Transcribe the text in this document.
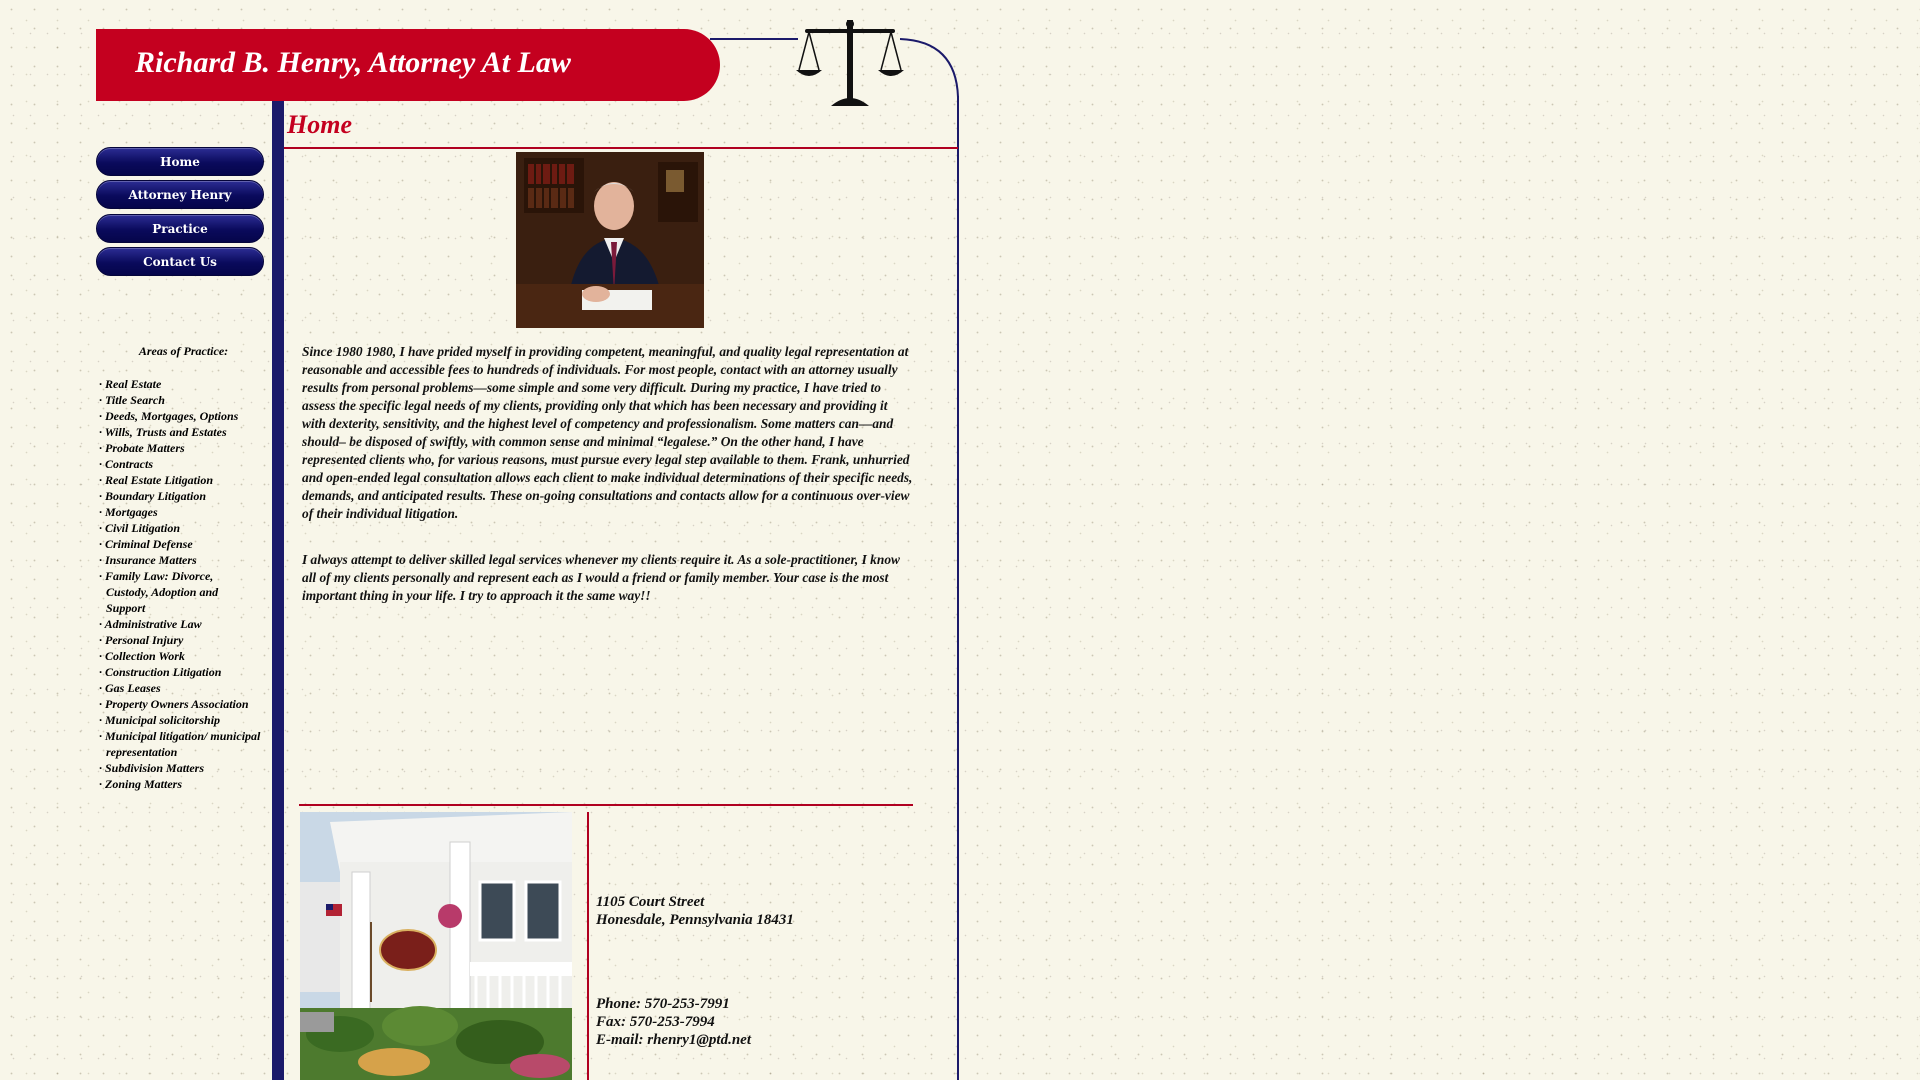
Richard B. Henry, Attorney At Law
Home
Home
Attorney Henry
Practice
Contact Us
Areas of Practice:
· Real Estate
· Title Search
· Deeds, Mortgages, Options
· Wills, Trusts and Estates
· Probate Matters
· Contracts
· Real Estate Litigation
· Boundary Litigation
· Mortgages
· Civil Litigation
· Criminal Defense
· Insurance Matters
· Family Law: Divorce, Custody, Adoption and Support
· Administrative Law
· Personal Injury
· Collection Work
· Construction Litigation
· Gas Leases
· Property Owners Association
· Municipal solicitorship
· Municipal litigation/ municipal representation
· Subdivision Matters
· Zoning Matters
Since 1980 1980, I have prided myself in providing competent, meaningful, and quality legal representation at reasonable and accessible fees to hundreds of individuals. For most people, contact with an attorney usually results from personal problems—some simple and some very difficult. During my practice, I have tried to assess the specific legal needs of my clients, providing only that which has been necessary and providing it with dexterity, sensitivity, and the highest level of competency and professionalism. Some matters can—and should– be disposed of swiftly, with common sense and minimal “legalese.” On the other hand, I have represented clients who, for various reasons, must pursue every legal step available to them. Frank, unhurried and open-ended legal consultation allows each client to make individual determinations of their specific needs, demands, and anticipated results. These on-going consultations and contacts allow for a continuous over-view of their individual litigation.
I always attempt to deliver skilled legal services whenever my clients require it. As a sole-practitioner, I know all of my clients personally and represent each as I would a friend or family member. Your case is the most important thing in your life. I try to approach it the same way!!
1105 Court Street
Honesdale, Pennsylvania 18431
Phone: 570-253-7991
Fax: 570-253-7994
E-mail: rhenry1@ptd.net
